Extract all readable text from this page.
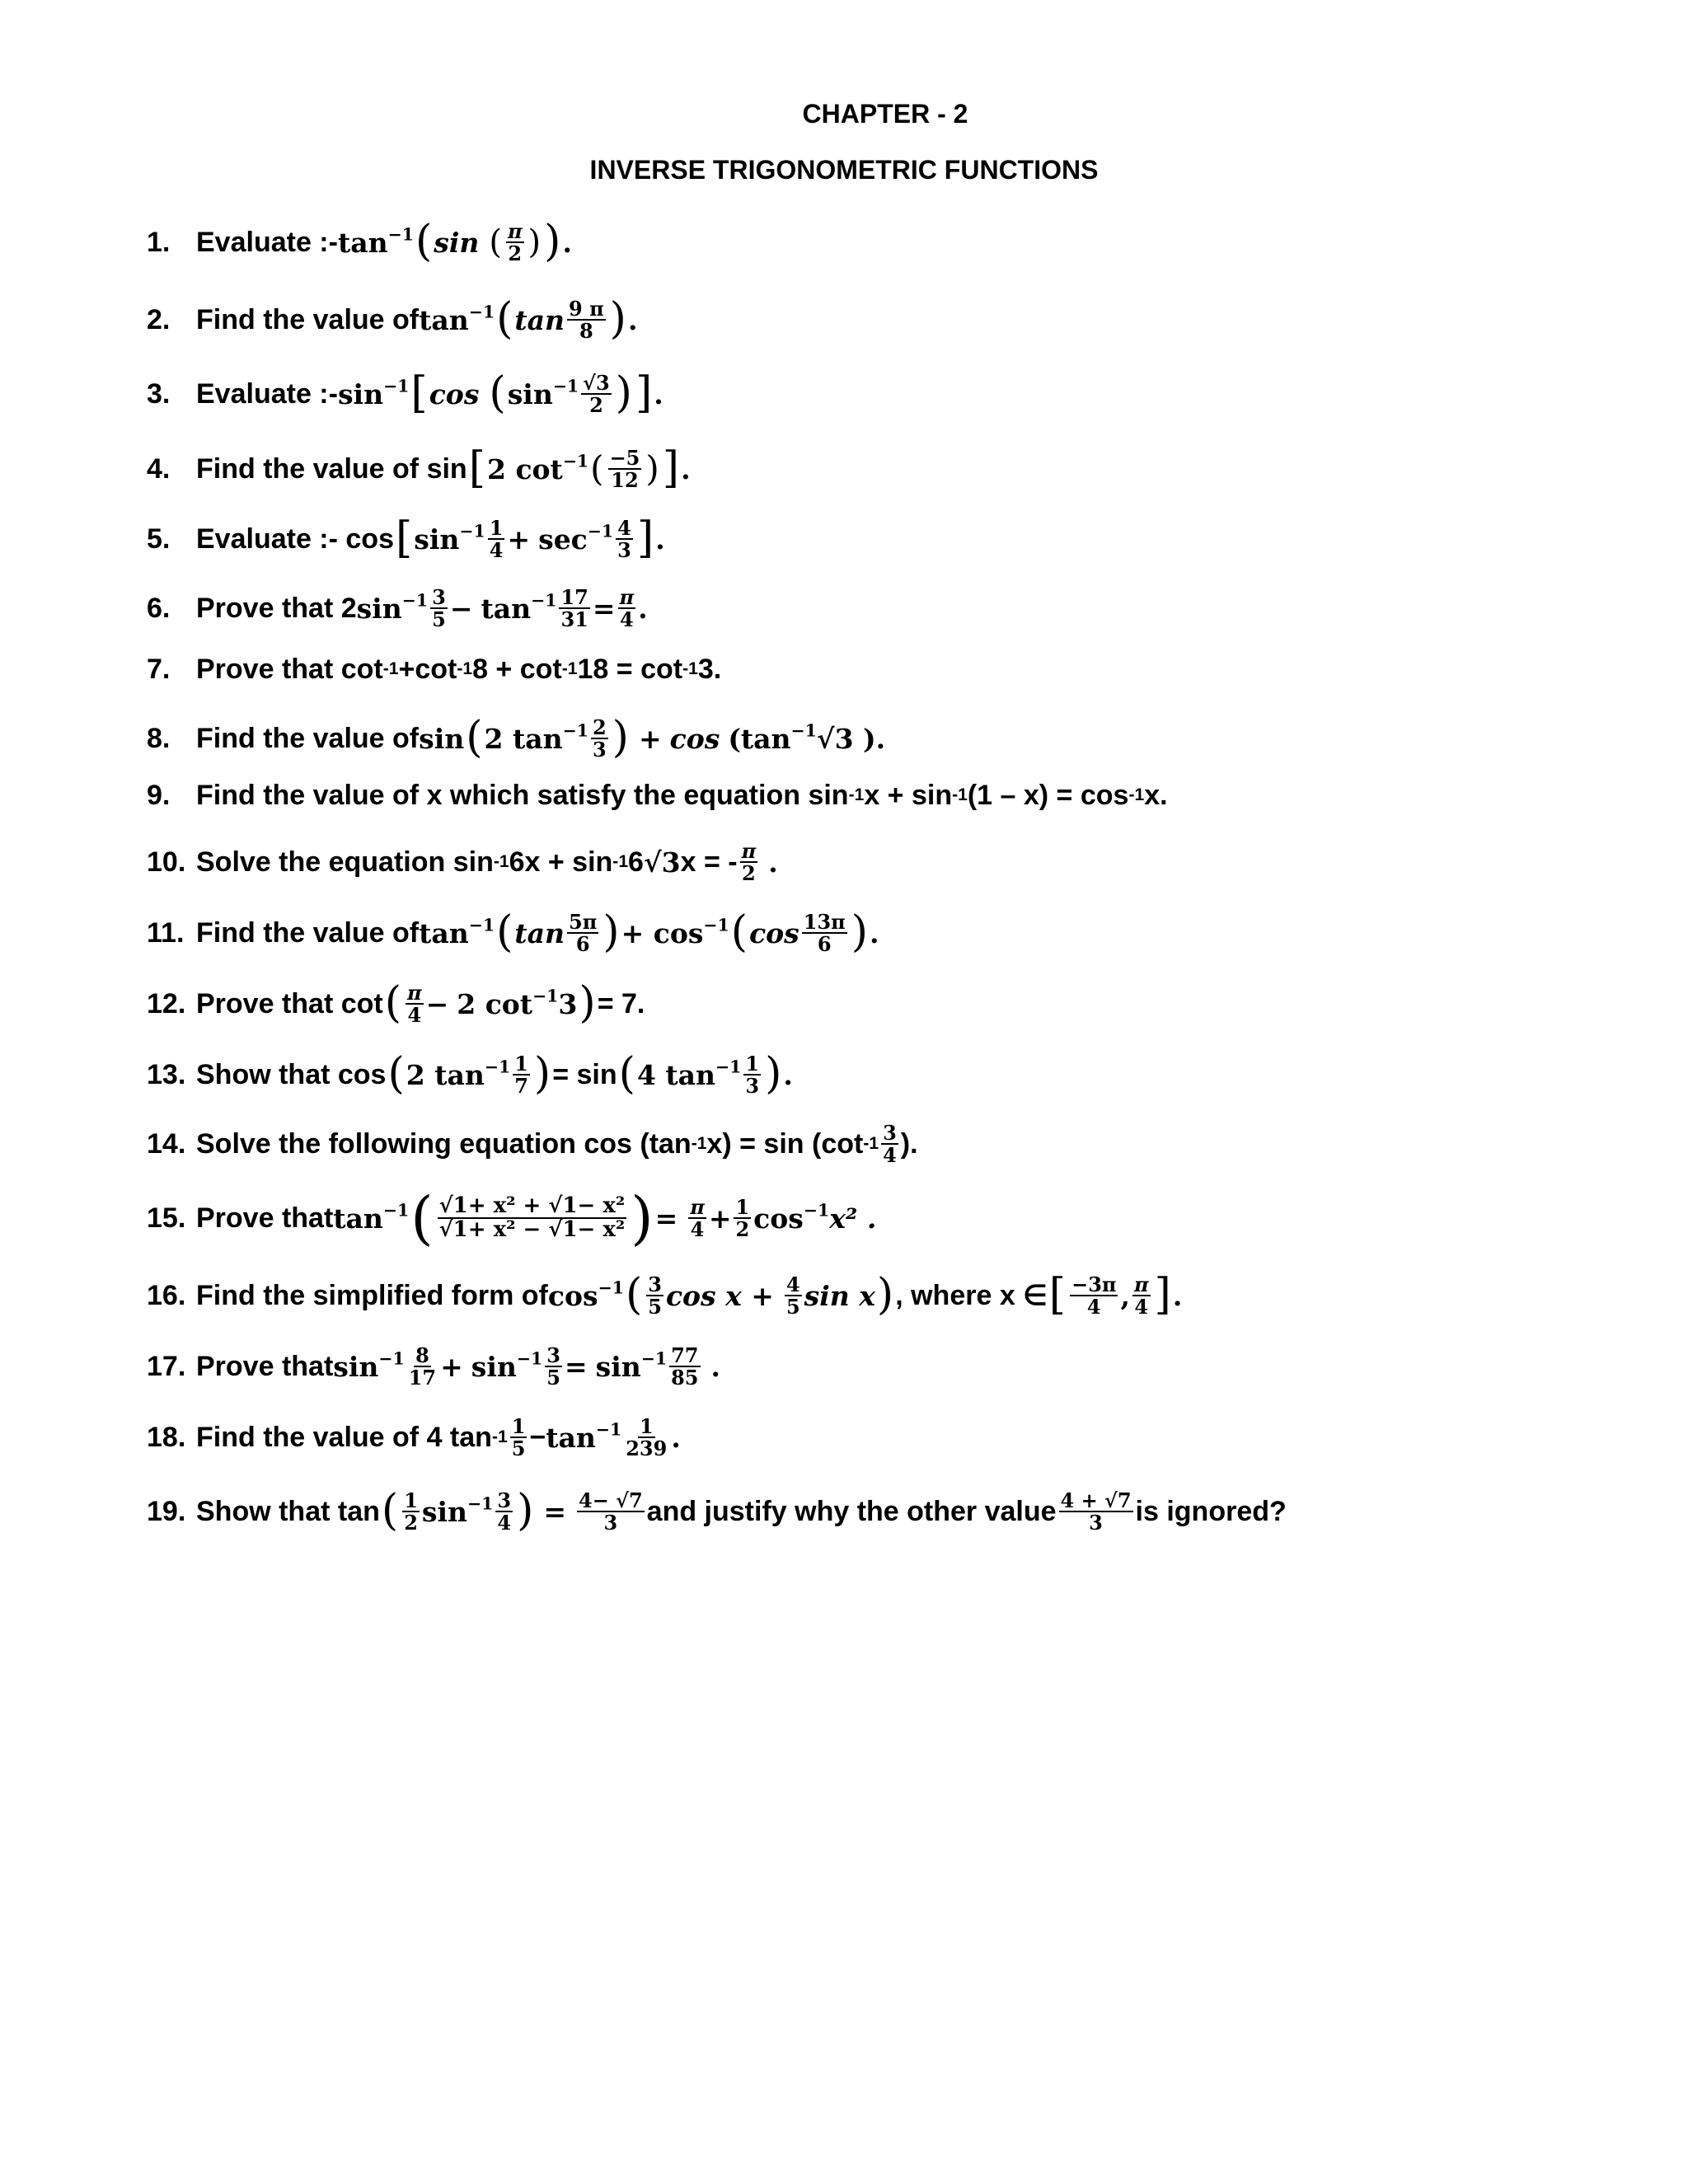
CHAPTER - 2
INVERSE TRIGONOMETRIC FUNCTIONS
1. Evaluate :- $\tan^{-1}$ ( sin ( π
2 ) ) .
2. Find the value of $\tan^{-1}$ ( tan 9 π
8 ) .
3. Evaluate :- $\sin^{-1}$ [ cos ( $\sin^{-1} √3$
2 ) ] .
4. Find the value of sin [ 2 $\cot^{-1}$ ( −5
12 ) ] .
5. Evaluate :- cos [ $\sin^{-1} 1$
$4 + \sec^{-1} 4$
3 ] .
6. Prove that 2 $\sin^{-1} 3$
$5 - \tan^{-1} \frac{17}{31} = \frac{\pi}{4}$ .
7. Prove that cot -1 +cot -1 8 + cot -1 18 = cot -1 3.
8. Find the value of sin ( 2 $\tan^{-1} 2$
3 ) + $\cos (\tan^{-1}$ √3 ).
9. Find the value of x which satisfy the equation sin -1 x + sin -1 (1 – x) = cos -1 x.
10. Solve the equation sin -1 6x + sin -1 6 √3 x = - π
2 .
11. Find the value of $\tan^{-1}$ ( tan 5π
6 ) + $\cos^{-1}$ ( cos 13π
6 ) .
12. Prove that cot ( π
4 − 2 $\cot^{-1}3$ ) = 7.
13. Show that cos ( 2 $\tan^{-1} 1$
7 ) = sin ( 4 $\tan^{-1} 1$
3 ) .
14. Solve the following equation cos (tan -1 x) = sin (cot -1 3
4 ).
15. Prove that $\tan^{-1}$ ( √1+ x² + √1− x²
√1+ x² − √1− x² ) = π
$4 + \frac{1}{2} \cos^{-1} x^2$ .
16. Find the simplified form of $\cos^{-1}$ ( 3
5 cos x + 4
5 sin x ) , where x ∈ [ −3π
4 , π
4 ] .
17. Prove that $\sin^{-1} 8$
$17 + \sin^{-1} \frac{3}{5} = \sin^{-1} 77$
85 .
18. Find the value of 4 tan -1 1
$5 - \tan^{-1} 1$
239 .
19. Show that tan ( 1
2 $\sin^{-1} 3$
4 ) = 4− √7
3 and justify why the other value 4 + √7
3 is ignored?
